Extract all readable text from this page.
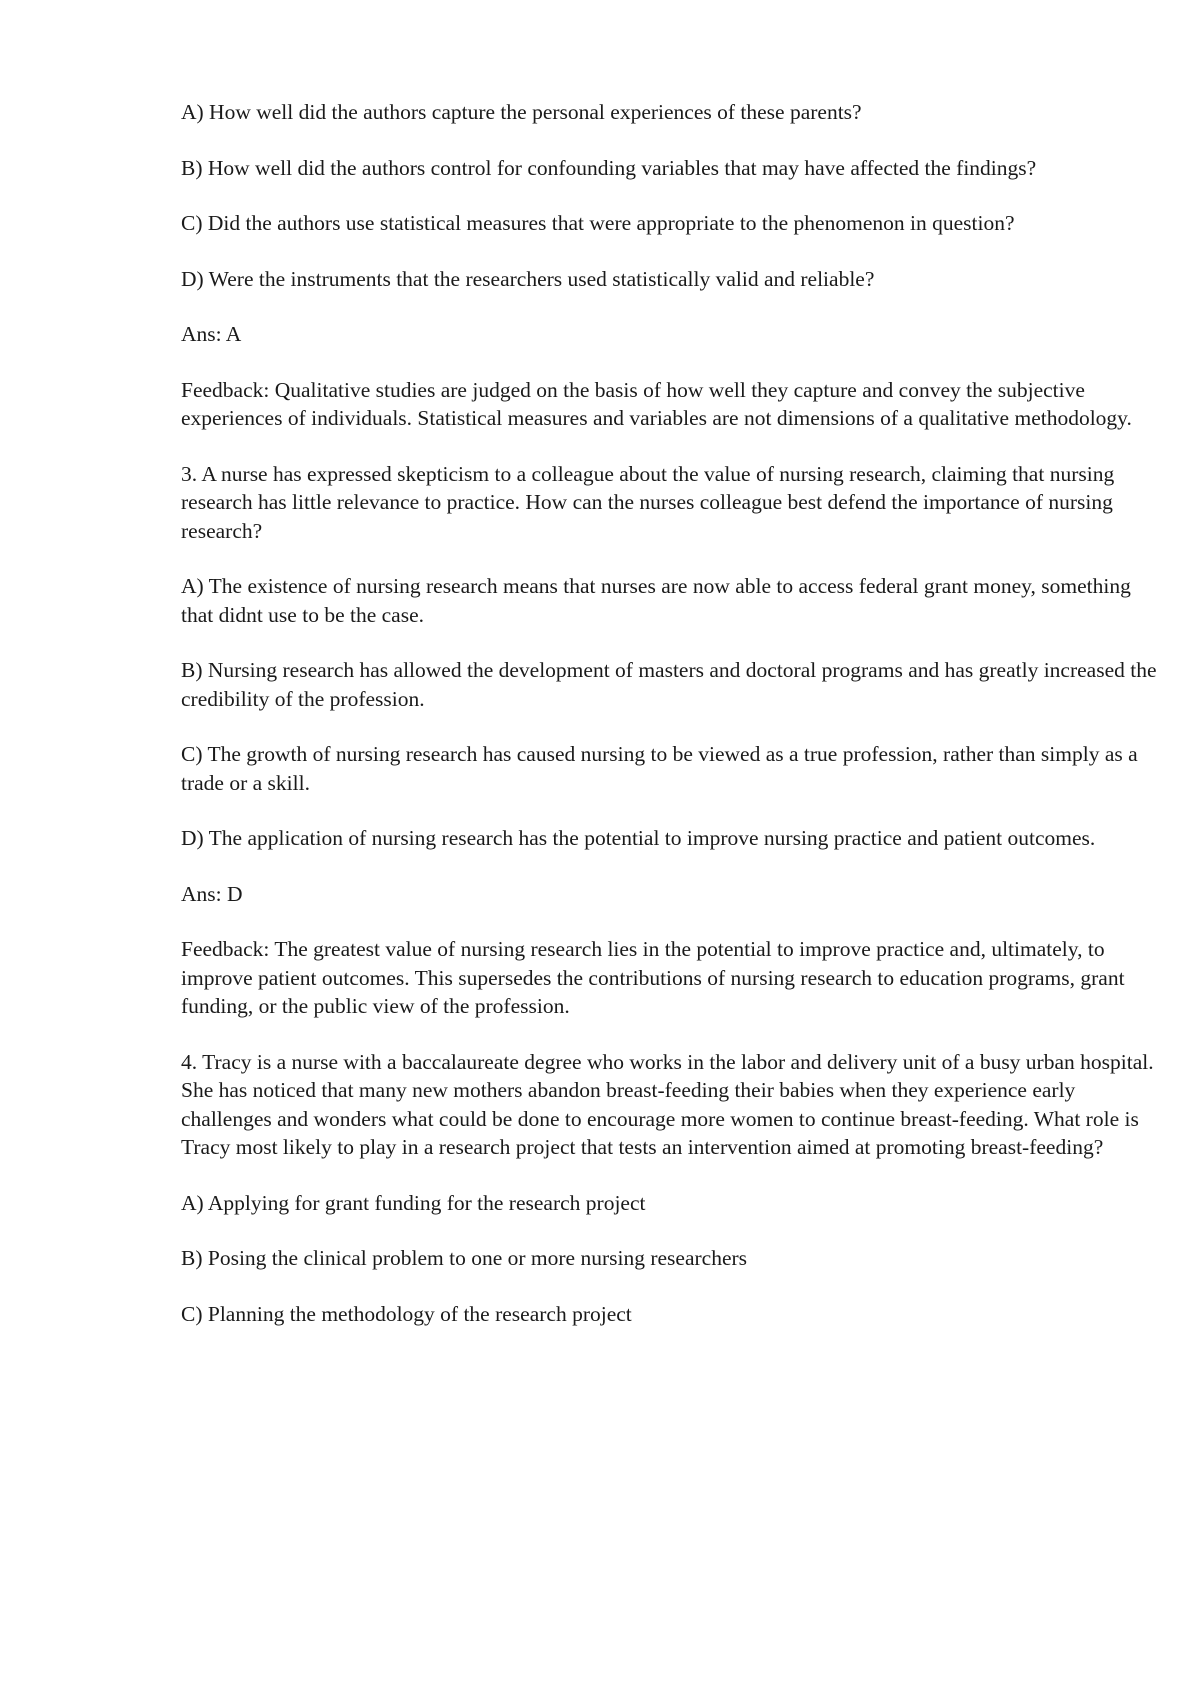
A) How well did the authors capture the personal experiences of these parents?

B) How well did the authors control for confounding variables that may have affected the findings?

C) Did the authors use statistical measures that were appropriate to the phenomenon in question?

D) Were the instruments that the researchers used statistically valid and reliable?

Ans: A

Feedback: Qualitative studies are judged on the basis of how well they capture and convey the subjective experiences of individuals. Statistical measures and variables are not dimensions of a qualitative methodology.

3. A nurse has expressed skepticism to a colleague about the value of nursing research, claiming that nursing research has little relevance to practice. How can the nurses colleague best defend the importance of nursing research?

A) The existence of nursing research means that nurses are now able to access federal grant money, something that didnt use to be the case.

B) Nursing research has allowed the development of masters and doctoral programs and has greatly increased the credibility of the profession.

C) The growth of nursing research has caused nursing to be viewed as a true profession, rather than simply as a trade or a skill.

D) The application of nursing research has the potential to improve nursing practice and patient outcomes.

Ans: D

Feedback: The greatest value of nursing research lies in the potential to improve practice and, ultimately, to improve patient outcomes. This supersedes the contributions of nursing research to education programs, grant funding, or the public view of the profession.

4. Tracy is a nurse with a baccalaureate degree who works in the labor and delivery unit of a busy urban hospital. She has noticed that many new mothers abandon breast-feeding their babies when they experience early challenges and wonders what could be done to encourage more women to continue breast-feeding. What role is Tracy most likely to play in a research project that tests an intervention aimed at promoting breast-feeding?

A) Applying for grant funding for the research project

B) Posing the clinical problem to one or more nursing researchers

C) Planning the methodology of the research project
